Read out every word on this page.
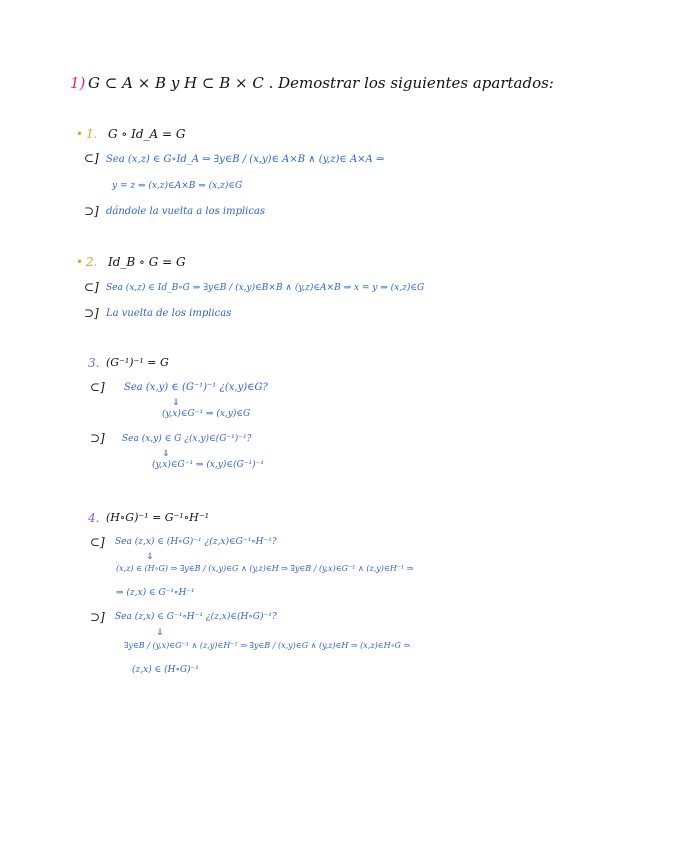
1) G ⊂ A × B y H ⊂ B × C . Demostrar los siguientes apartados:
• 1. G ∘ Id_A = G
⊂] Sea (x,z) ∈ G∘Id_A ⇒ ∃y∈B / (x,y)∈ A×B ∧ (y,z)∈ A×A ⇒
y = z ⇒ (x,z)∈A×B ⇒ (x,z)∈G
⊃] dándole la vuelta a los implicas
• 2. Id_B ∘ G = G
⊂] Sea (x,z) ∈ Id_B∘G ⇒ ∃y∈B / (x,y)∈B×B ∧ (y,z)∈A×B ⇒ x = y ⇒ (x,z)∈G
⊃] La vuelta de los implicas
3. (G⁻¹)⁻¹ = G
⊂] Sea (x,y) ∈ (G⁻¹)⁻¹ ¿(x,y)∈G?
⇓
(y,x)∈G⁻¹ ⇒ (x,y)∈G
⊃] Sea (x,y) ∈ G ¿(x,y)∈(G⁻¹)⁻¹?
⇓
(y,x)∈G⁻¹ ⇒ (x,y)∈(G⁻¹)⁻¹
4. (H∘G)⁻¹ = G⁻¹∘H⁻¹
⊂] Sea (z,x) ∈ (H∘G)⁻¹ ¿(z,x)∈G⁻¹∘H⁻¹?
⇓
(x,z) ∈ (H∘G) ⇒ ∃y∈B / (x,y)∈G ∧ (y,z)∈H ⇒ ∃y∈B / (y,x)∈G⁻¹ ∧ (z,y)∈H⁻¹ ⇒
⇒ (z,x) ∈ G⁻¹∘H⁻¹
⊃] Sea (z,x) ∈ G⁻¹∘H⁻¹ ¿(z,x)∈(H∘G)⁻¹?
⇓
∃y∈B / (y,x)∈G⁻¹ ∧ (z,y)∈H⁻¹ ⇒ ∃y∈B / (x,y)∈G ∧ (y,z)∈H ⇒ (x,z)∈H∘G ⇒
(z,x) ∈ (H∘G)⁻¹
